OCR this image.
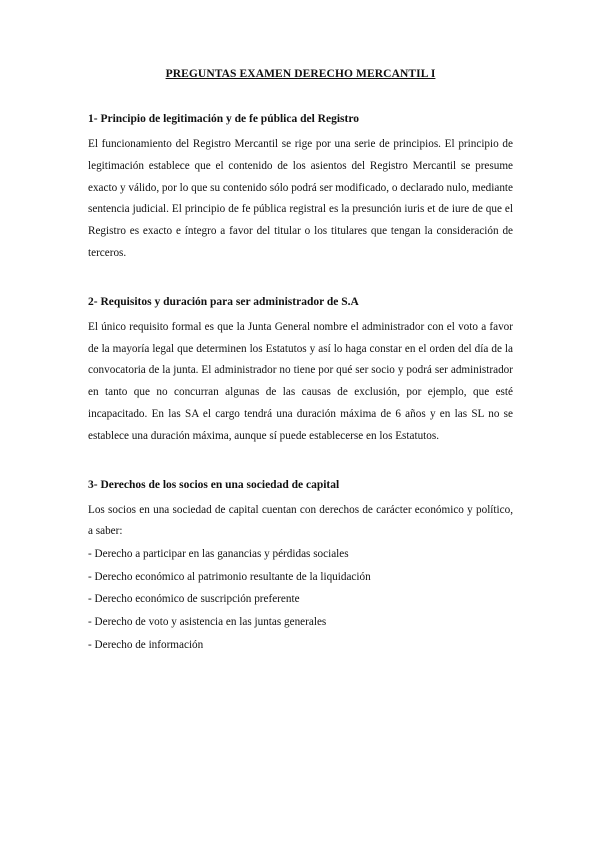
PREGUNTAS EXAMEN DERECHO MERCANTIL I
1- Principio de legitimación y de fe pública del Registro

El funcionamiento del Registro Mercantil se rige por una serie de principios. El principio de legitimación establece que el contenido de los asientos del Registro Mercantil se presume exacto y válido, por lo que su contenido sólo podrá ser modificado, o declarado nulo, mediante sentencia judicial. El principio de fe pública registral es la presunción iuris et de iure de que el Registro es exacto e íntegro a favor del titular o los titulares que tengan la consideración de terceros.

2- Requisitos y duración para ser administrador de S.A

El único requisito formal es que la Junta General nombre el administrador con el voto a favor de la mayoría legal que determinen los Estatutos y así lo haga constar en el orden del día de la convocatoria de la junta. El administrador no tiene por qué ser socio y podrá ser administrador en tanto que no concurran algunas de las causas de exclusión, por ejemplo, que esté incapacitado. En las SA el cargo tendrá una duración máxima de 6 años y en las SL no se establece una duración máxima, aunque sí puede establecerse en los Estatutos.

3- Derechos de los socios en una sociedad de capital

Los socios en una sociedad de capital cuentan con derechos de carácter económico y político, a saber:

- Derecho a participar en las ganancias y pérdidas sociales
- Derecho económico al patrimonio resultante de la liquidación
- Derecho económico de suscripción preferente
- Derecho de voto y asistencia en las juntas generales
- Derecho de información
